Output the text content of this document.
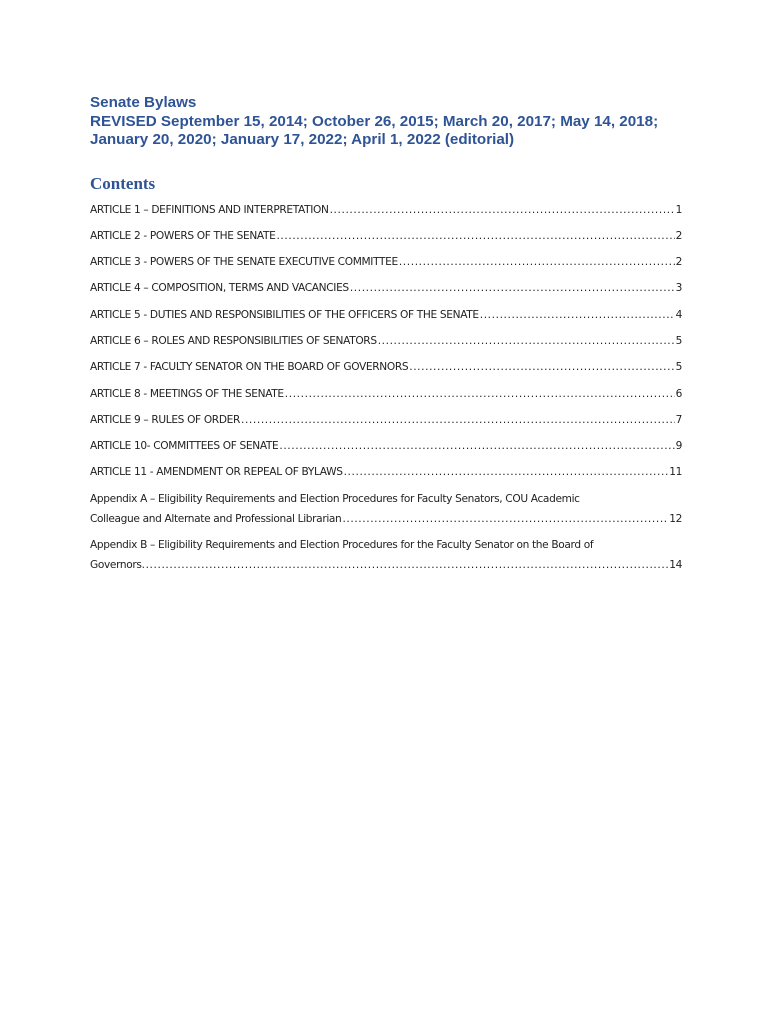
Senate Bylaws
REVISED September 15, 2014; October 26, 2015; March 20, 2017; May 14, 2018;
January 20, 2020; January 17, 2022; April 1, 2022 (editorial)
Contents
ARTICLE 1 – DEFINITIONS AND INTERPRETATION .....	1
ARTICLE 2 - POWERS OF THE SENATE .....	2
ARTICLE 3 - POWERS OF THE SENATE EXECUTIVE COMMITTEE .....	2
ARTICLE 4 – COMPOSITION, TERMS AND VACANCIES .....	3
ARTICLE 5 - DUTIES AND RESPONSIBILITIES OF THE OFFICERS OF THE SENATE .....	4
ARTICLE 6 – ROLES AND RESPONSIBILITIES OF SENATORS .....	5
ARTICLE 7 - FACULTY SENATOR ON THE BOARD OF GOVERNORS .....	5
ARTICLE 8 - MEETINGS OF THE SENATE .....	6
ARTICLE 9 – RULES OF ORDER .....	7
ARTICLE 10- COMMITTEES OF SENATE .....	9
ARTICLE 11 - AMENDMENT OR REPEAL OF BYLAWS .....	11
Appendix A – Eligibility Requirements and Election Procedures for Faculty Senators, COU Academic
Colleague and Alternate and Professional Librarian .....	12
Appendix B – Eligibility Requirements and Election Procedures for the Faculty Senator on the Board of
Governors. .....	14
